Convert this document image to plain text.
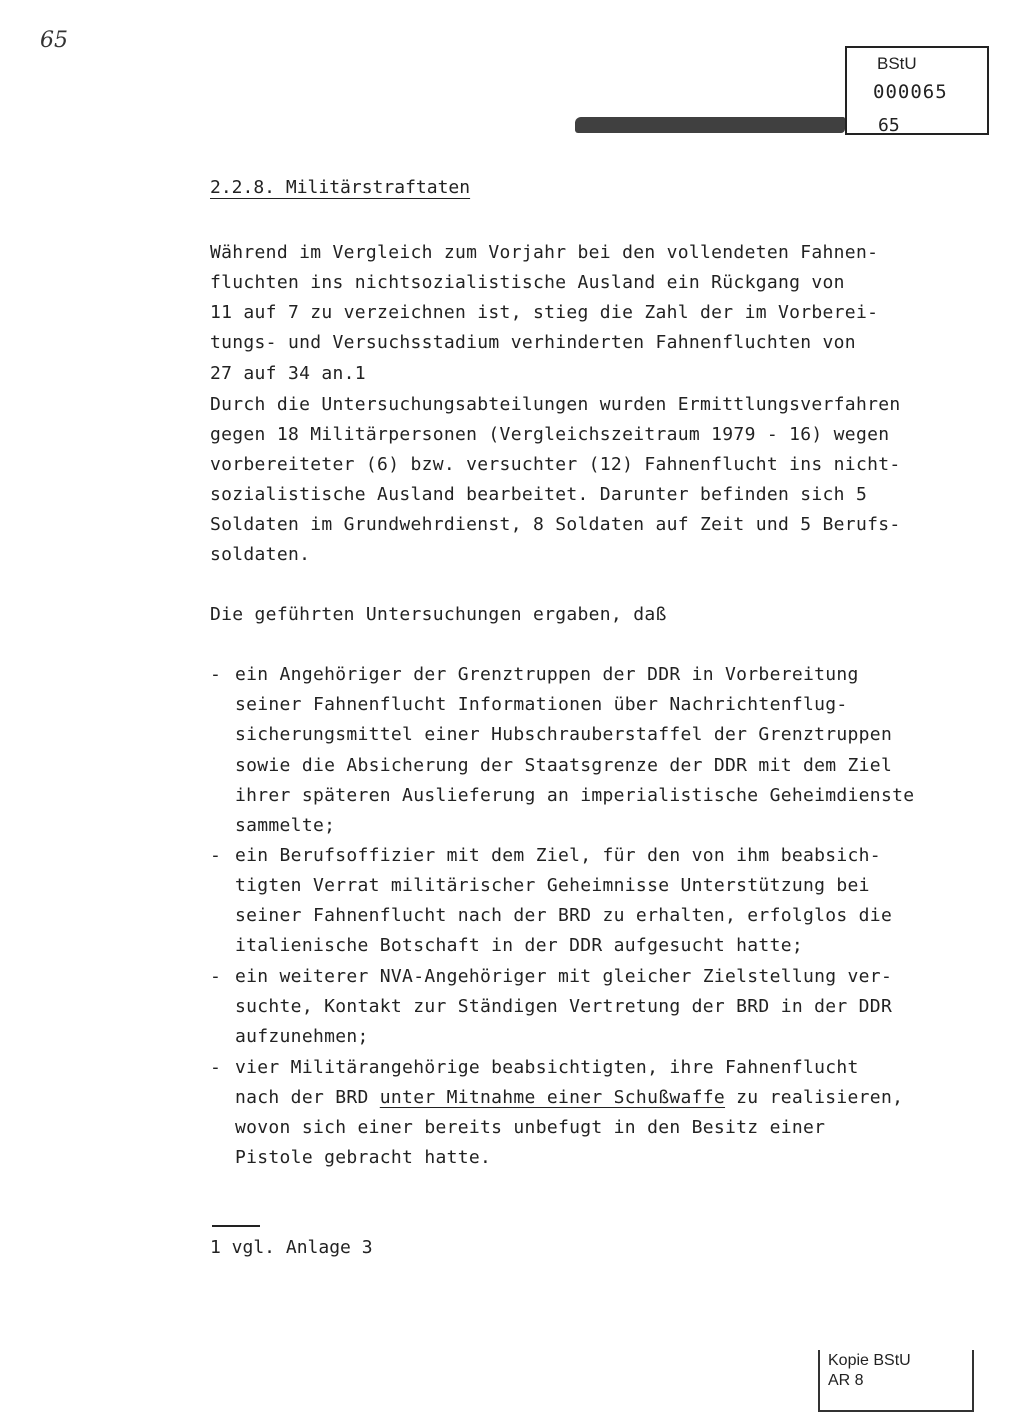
65
BStU
000065
65
2.2.8. Militärstraftaten
Während im Vergleich zum Vorjahr bei den vollendeten Fahnen-
fluchten ins nichtsozialistische Ausland ein Rückgang von
11 auf 7 zu verzeichnen ist, stieg die Zahl der im Vorberei-
tungs- und Versuchsstadium verhinderten Fahnenfluchten von
27 auf 34 an.1
Durch die Untersuchungsabteilungen wurden Ermittlungsverfahren
gegen 18 Militärpersonen (Vergleichszeitraum 1979 - 16) wegen
vorbereiteter (6) bzw. versuchter (12) Fahnenflucht ins nicht-
sozialistische Ausland bearbeitet. Darunter befinden sich 5
Soldaten im Grundwehrdienst, 8 Soldaten auf Zeit und 5 Berufs-
soldaten.
Die geführten Untersuchungen ergaben, daß
- ein Angehöriger der Grenztruppen der DDR in Vorbereitung
seiner Fahnenflucht Informationen über Nachrichtenflug-
sicherungsmittel einer Hubschrauberstaffel der Grenztruppen
sowie die Absicherung der Staatsgrenze der DDR mit dem Ziel
ihrer späteren Auslieferung an imperialistische Geheimdienste
sammelte;
- ein Berufsoffizier mit dem Ziel, für den von ihm beabsich-
tigten Verrat militärischer Geheimnisse Unterstützung bei
seiner Fahnenflucht nach der BRD zu erhalten, erfolglos die
italienische Botschaft in der DDR aufgesucht hatte;
- ein weiterer NVA-Angehöriger mit gleicher Zielstellung ver-
suchte, Kontakt zur Ständigen Vertretung der BRD in der DDR
aufzunehmen;
- vier Militärangehörige beabsichtigten, ihre Fahnenflucht
nach der BRD unter Mitnahme einer Schußwaffe zu realisieren,
wovon sich einer bereits unbefugt in den Besitz einer
Pistole gebracht hatte.
1 vgl. Anlage 3
Kopie BStU
AR 8
